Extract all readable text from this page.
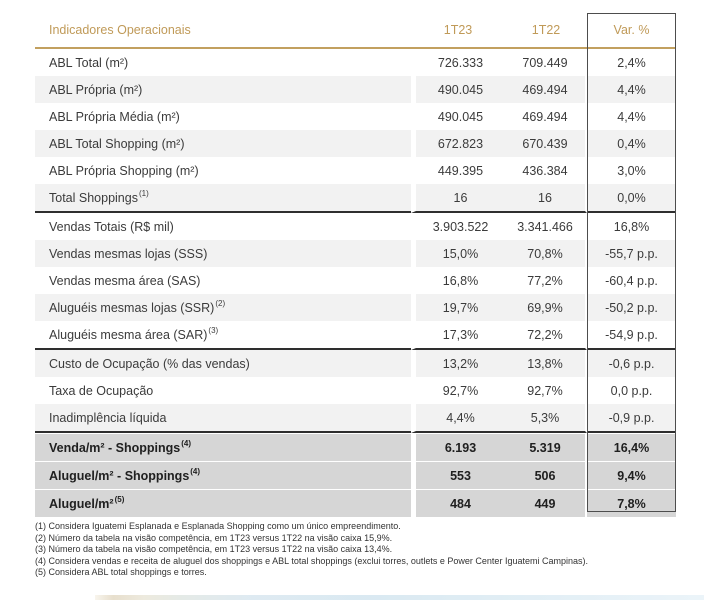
Indicadores Operacionais	1T23	1T22	Var. %
ABL Total (m²)	726.333	709.449	2,4%
ABL Própria (m²)	490.045	469.494	4,4%
ABL Própria Média (m²)	490.045	469.494	4,4%
ABL Total Shopping (m²)	672.823	670.439	0,4%
ABL Própria Shopping (m²)	449.395	436.384	3,0%
Total Shoppings$^{(1)}$	16	16	0,0%
Vendas Totais (R$ mil)	3.903.522	3.341.466	16,8%
Vendas mesmas lojas (SSS)	15,0%	70,8%	-55,7 p.p.
Vendas mesma área (SAS)	16,8%	77,2%	-60,4 p.p.
Aluguéis mesmas lojas (SSR)$^{(2)}$	19,7%	69,9%	-50,2 p.p.
Aluguéis mesma área (SAR)$^{(3)}$	17,3%	72,2%	-54,9 p.p.
Custo de Ocupação (% das vendas)	13,2%	13,8%	-0,6 p.p.
Taxa de Ocupação	92,7%	92,7%	0,0 p.p.
Inadimplência líquida	4,4%	5,3%	-0,9 p.p.
Venda/m² - Shoppings$^{(4)}$	6.193	5.319	16,4%
Aluguel/m² - Shoppings$^{(4)}$	553	506	9,4%
Aluguel/m²$^{(5)}$	484	449	7,8%
(1) Considera Iguatemi Esplanada e Esplanada Shopping como um único empreendimento.
(2) Número da tabela na visão competência, em 1T23 versus 1T22 na visão caixa 15,9%.
(3) Número da tabela na visão competência, em 1T23 versus 1T22 na visão caixa 13,4%.
(4) Considera vendas e receita de aluguel dos shoppings e ABL total shoppings (exclui torres, outlets e Power Center Iguatemi Campinas).
(5) Considera ABL total shoppings e torres.
